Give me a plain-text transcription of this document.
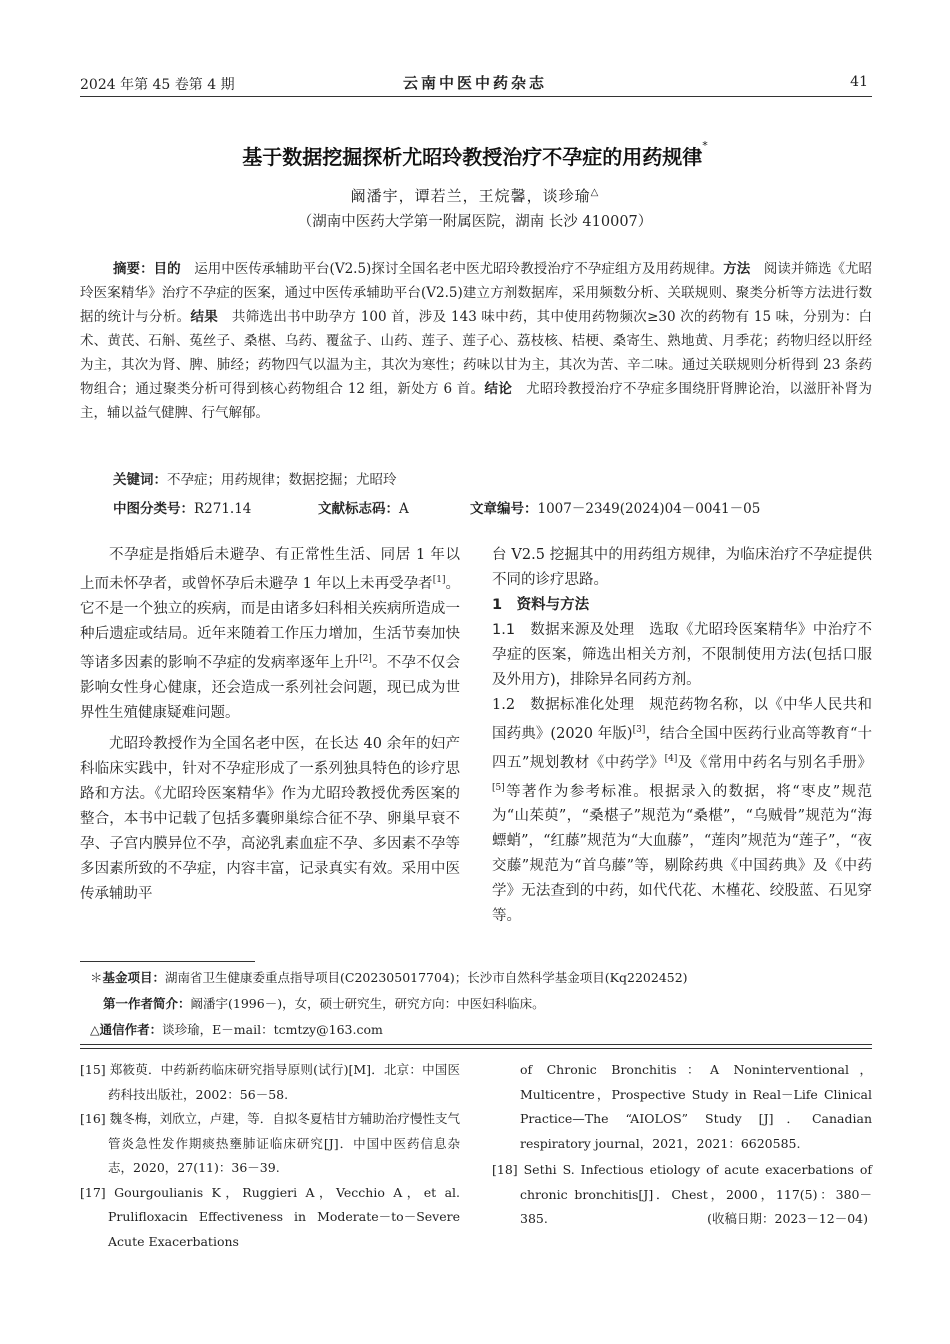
2024 年第 45 卷第 4 期	云南中医中药杂志	41
基于数据挖掘探析尤昭玲教授治疗不孕症的用药规律*
阚潘宇，谭若兰，王烷馨，谈珍瑜△
（湖南中医药大学第一附属医院，湖南 长沙 410007）
摘要：目的　 运用中医传承辅助平台(V2.5)探讨全国名老中医尤昭玲教授治疗不孕症组方及用药规律。方法　 阅读并筛选《尤昭玲医案精华》治疗不孕症的医案，通过中医传承辅助平台(V2.5)建立方剂数据库，采用频数分析、关联规则、聚类分析等方法进行数据的统计与分析。结果　 共筛选出书中助孕方 100 首，涉及 143 味中药，其中使用药物频次≥30 次的药物有 15 味，分别为：白术、黄芪、石斛、菟丝子、桑椹、乌药、覆盆子、山药、莲子、莲子心、荔枝核、桔梗、桑寄生、熟地黄、月季花；药物归经以肝经为主，其次为肾、脾、肺经；药物四气以温为主，其次为寒性；药味以甘为主，其次为苦、辛二味。通过关联规则分析得到 23 条药物组合；通过聚类分析可得到核心药物组合 12 组，新处方 6 首。结论　 尤昭玲教授治疗不孕症多围绕肝肾脾论治，以滋肝补肾为主，辅以益气健脾、行气解郁。
关键词：不孕症；用药规律；数据挖掘；尤昭玲
中图分类号：R271.14	文献标志码：A	文章编号：1007－2349(2024)04－0041－05

不孕症是指婚后未避孕、有正常性生活、同居 1 年以上而未怀孕者，或曾怀孕后未避孕 1 年以上未再受孕者[1]。它不是一个独立的疾病，而是由诸多妇科相关疾病所造成一种后遗症或结局。近年来随着工作压力增加，生活节奏加快等诸多因素的影响不孕症的发病率逐年上升[2]。不孕不仅会影响女性身心健康，还会造成一系列社会问题，现已成为世界性生殖健康疑难问题。

尤昭玲教授作为全国名老中医，在长达 40 余年的妇产科临床实践中，针对不孕症形成了一系列独具特色的诊疗思路和方法。《尤昭玲医案精华》作为尤昭玲教授优秀医案的整合，本书中记载了包括多囊卵巢综合征不孕、卵巢早衰不孕、子宫内膜异位不孕，高泌乳素血症不孕、多因素不孕等多因素所致的不孕症，内容丰富，记录真实有效。采用中医传承辅助平

台 V2.5 挖掘其中的用药组方规律，为临床治疗不孕症提供不同的诊疗思路。

1　资料与方法

1.1　数据来源及处理　 选取《尤昭玲医案精华》中治疗不孕症的医案，筛选出相关方剂，不限制使用方法(包括口服及外用方)，排除异名同药方剂。

1.2　数据标准化处理　 规范药物名称，以《中华人民共和国药典》(2020 年版)[3]，结合全国中医药行业高等教育“十四五”规划教材《中药学》[4]及《常用中药名与别名手册》[5]等著作为参考标准。根据录入的数据，将“枣皮”规范为“山茱萸”，“桑椹子”规范为“桑椹”，“乌贼骨”规范为“海螵蛸”，“红藤”规范为“大血藤”，“莲肉”规范为“莲子”，“夜交藤”规范为“首乌藤”等，剔除药典《中国药典》及《中药学》无法查到的中药，如代代花、木槿花、绞股蓝、石见穿等。

＊基金项目：湖南省卫生健康委重点指导项目(C202305017704)；长沙市自然科学基金项目(Kq2202452)
第一作者简介：阚潘宇(1996－)，女，硕士研究生，研究方向：中医妇科临床。
△通信作者：谈珍瑜，E－mail：tcmtzy@163.com

[15] 郑筱萸．中药新药临床研究指导原则(试行)[M]．北京：中国医药科技出版社，2002：56－58.

[16] 魏冬梅，刘欣立，卢建，等．自拟冬夏桔甘方辅助治疗慢性支气管炎急性发作期痰热壅肺证临床研究[J]．中国中医药信息杂志，2020，27(11)：36－39.

[17] Gourgoulianis K，Ruggieri A，Vecchio A，et al. Prulifloxacin Effectiveness in Moderate－to－Severe Acute Exacerbations

of Chronic Bronchitis：A Noninterventional，Multicentre，Prospective Study in Real－Life Clinical Practice—The “AIOLOS” Study [J]．Canadian respiratory journal，2021，2021：6620585.

[18] Sethi S. Infectious etiology of acute exacerbations of chronic bronchitis[J]．Chest，2000，117(5)：380－385.	(收稿日期：2023－12－04)
